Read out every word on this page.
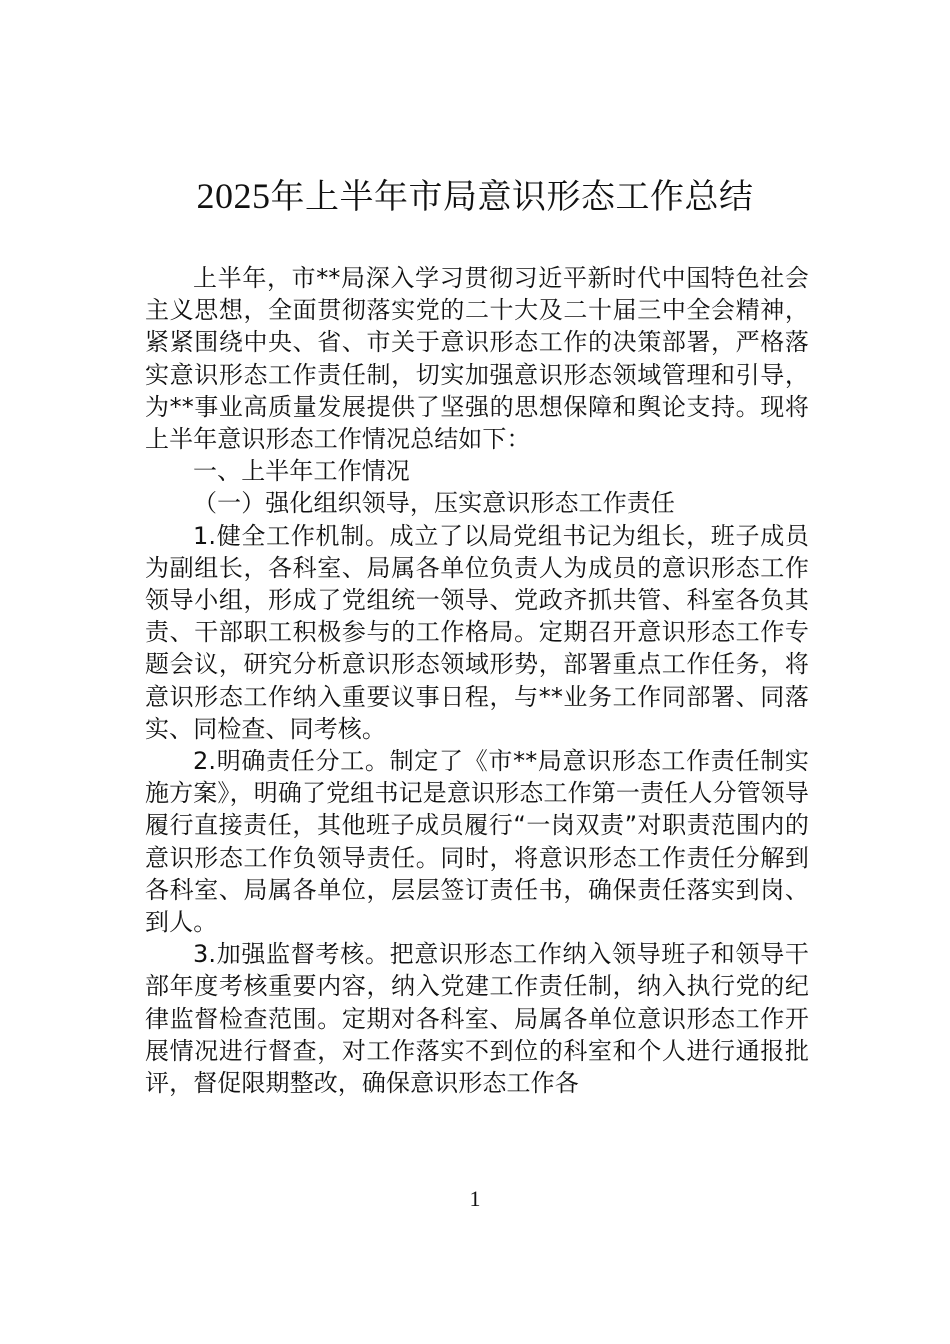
2025年上半年市局意识形态工作总结

上半年，市**局深入学习贯彻习近平新时代中国特色社会主义思想，全面贯彻落实党的二十大及二十届三中全会精神，紧紧围绕中央、省、市关于意识形态工作的决策部署，严格落实意识形态工作责任制，切实加强意识形态领域管理和引导，为**事业高质量发展提供了坚强的思想保障和舆论支持。现将上半年意识形态工作情况总结如下：

一、上半年工作情况

（一）强化组织领导，压实意识形态工作责任

1.健全工作机制。成立了以局党组书记为组长，班子成员为副组长，各科室、局属各单位负责人为成员的意识形态工作领导小组，形成了党组统一领导、党政齐抓共管、科室各负其责、干部职工积极参与的工作格局。定期召开意识形态工作专题会议，研究分析意识形态领域形势，部署重点工作任务，将意识形态工作纳入重要议事日程，与**业务工作同部署、同落实、同检查、同考核。

2.明确责任分工。制定了《市**局意识形态工作责任制实施方案》，明确了党组书记是意识形态工作第一责任人分管领导履行直接责任，其他班子成员履行“一岗双责”对职责范围内的意识形态工作负领导责任。同时，将意识形态工作责任分解到各科室、局属各单位，层层签订责任书，确保责任落实到岗、到人。

3.加强监督考核。把意识形态工作纳入领导班子和领导干部年度考核重要内容，纳入党建工作责任制，纳入执行党的纪律监督检查范围。定期对各科室、局属各单位意识形态工作开展情况进行督查，对工作落实不到位的科室和个人进行通报批评，督促限期整改，确保意识形态工作各

1
